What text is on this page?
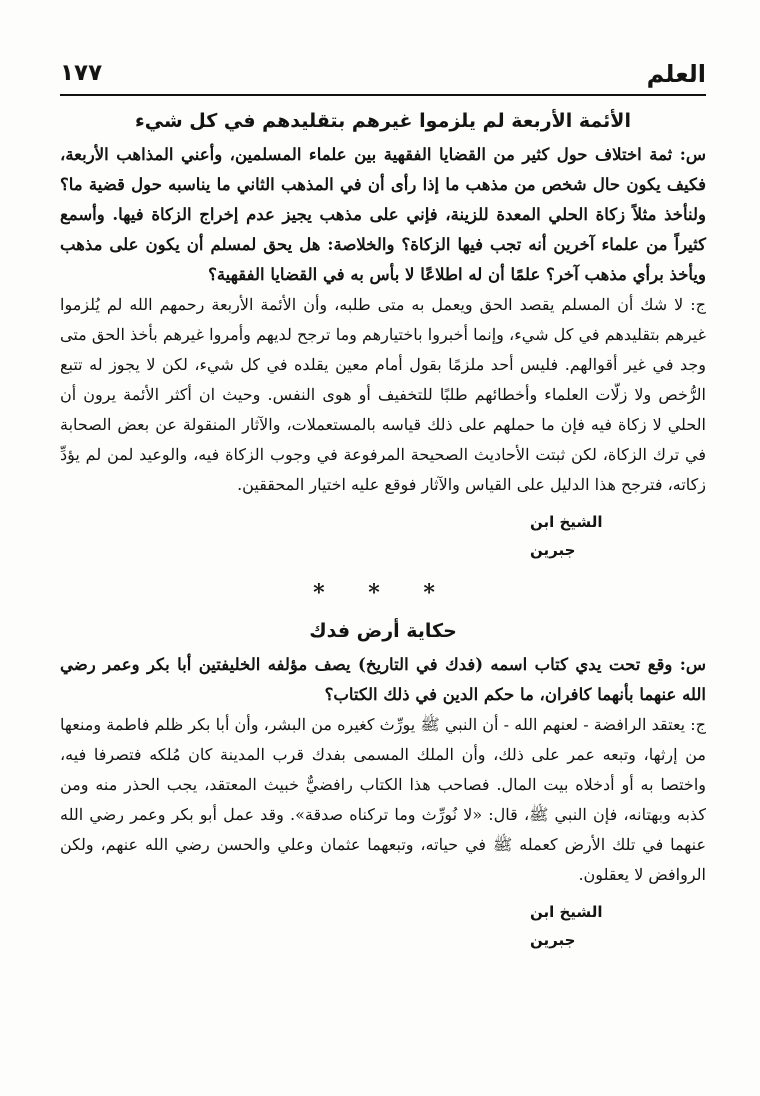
العلم
١٧٧
الأئمة الأربعة لم يلزموا غيرهم بتقليدهم في كل شيء

س: ثمة اختلاف حول كثير من القضايا الفقهية بين علماء المسلمين، وأعني المذاهب الأربعة، فكيف يكون حال شخص من مذهب ما إذا رأى أن في المذهب الثاني ما يناسبه حول قضية ما؟ ولنأخذ مثلاً زكاة الحلي المعدة للزينة، فإني على مذهب يجيز عدم إخراج الزكاة فيها. وأسمع كثيراً من علماء آخرين أنه تجب فيها الزكاة؟ والخلاصة: هل يحق لمسلم أن يكون على مذهب ويأخذ برأي مذهب آخر؟ علمًا أن له اطلاعًا لا بأس به في القضايا الفقهية؟

ج: لا شك أن المسلم يقصد الحق ويعمل به متى طلبه، وأن الأئمة الأربعة رحمهم الله لم يُلزموا غيرهم بتقليدهم في كل شيء، وإنما أخبروا باختيارهم وما ترجح لديهم وأمروا غيرهم بأخذ الحق متى وجد في غير أقوالهم. فليس أحد ملزمًا بقول أمام معين يقلده في كل شيء، لكن لا يجوز له تتبع الرُّخص ولا زلّات العلماء وأخطائهم طلبًا للتخفيف أو هوى النفس. وحيث ان أكثر الأئمة يرون أن الحلي لا زكاة فيه فإن ما حملهم على ذلك قياسه بالمستعملات، والآثار المنقولة عن بعض الصحابة في ترك الزكاة، لكن ثبتت الأحاديث الصحيحة المرفوعة في وجوب الزكاة فيه، والوعيد لمن لم يؤدِّ زكاته، فترجح هذا الدليل على القياس والآثار فوقع عليه اختيار المحققين.

الشيخ ابن جبرين
* * *
حكاية أرض فدك

س: وقع تحت يدي كتاب اسمه (فدك في التاريخ) يصف مؤلفه الخليفتين أبا بكر وعمر رضي الله عنهما بأنهما كافران، ما حكم الدين في ذلك الكتاب؟

ج: يعتقد الرافضة - لعنهم الله - أن النبي ﷺ يورِّث كغيره من البشر، وأن أبا بكر ظلم فاطمة ومنعها من إرثها، وتبعه عمر على ذلك، وأن الملك المسمى بفدك قرب المدينة كان مُلكه فتصرفا فيه، واختصا به أو أدخلاه بيت المال. فصاحب هذا الكتاب رافضيٌّ خبيث المعتقد، يجب الحذر منه ومن كذبه وبهتانه، فإن النبي ﷺ، قال: «لا نُورِّث وما تركناه صدقة». وقد عمل أبو بكر وعمر رضي الله عنهما في تلك الأرض كعمله ﷺ في حياته، وتبعهما عثمان وعلي والحسن رضي الله عنهم، ولكن الروافض لا يعقلون.

الشيخ ابن جبرين
